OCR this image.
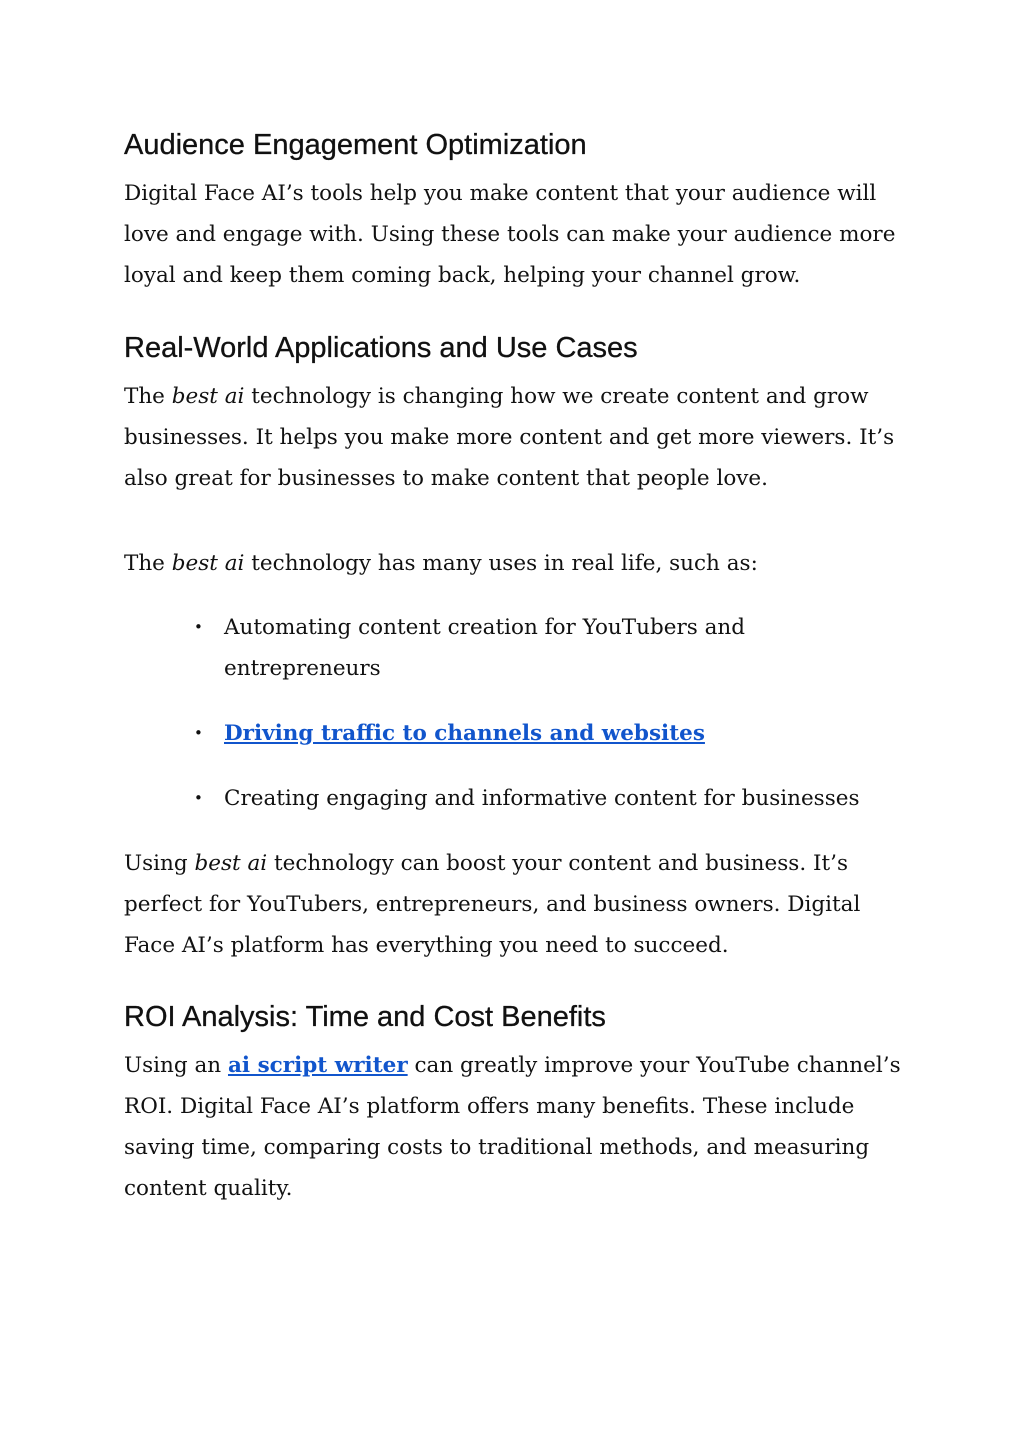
Audience Engagement Optimization

Digital Face AI’s tools help you make content that your audience will love and engage with. Using these tools can make your audience more loyal and keep them coming back, helping your channel grow.

Real-World Applications and Use Cases

The best ai technology is changing how we create content and grow businesses. It helps you make more content and get more viewers. It’s also great for businesses to make content that people love.

The best ai technology has many uses in real life, such as:

• Automating content creation for YouTubers and entrepreneurs
• Driving traffic to channels and websites
• Creating engaging and informative content for businesses

Using best ai technology can boost your content and business. It’s perfect for YouTubers, entrepreneurs, and business owners. Digital Face AI’s platform has everything you need to succeed.

ROI Analysis: Time and Cost Benefits

Using an ai script writer can greatly improve your YouTube channel’s ROI. Digital Face AI’s platform offers many benefits. These include saving time, comparing costs to traditional methods, and measuring content quality.
